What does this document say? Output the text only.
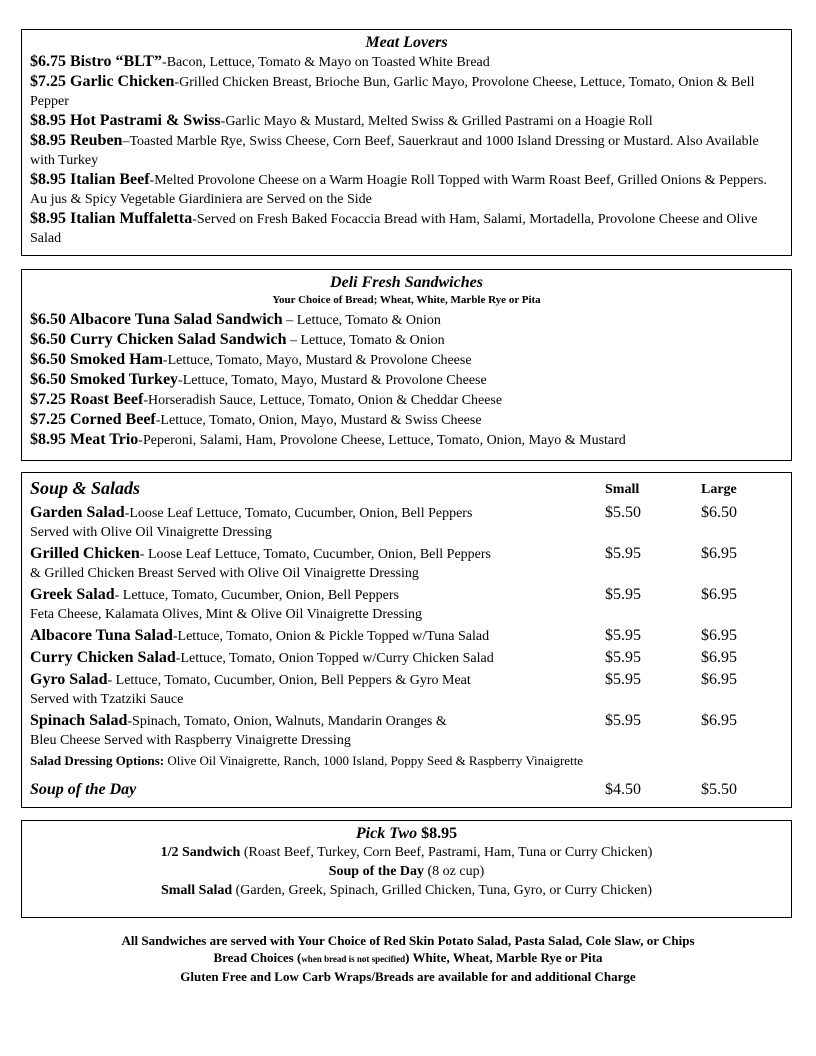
Meat Lovers
$6.75 Bistro “BLT”-Bacon, Lettuce, Tomato & Mayo on Toasted White Bread
$7.25 Garlic Chicken-Grilled Chicken Breast, Brioche Bun, Garlic Mayo, Provolone Cheese, Lettuce, Tomato, Onion & Bell Pepper
$8.95 Hot Pastrami & Swiss-Garlic Mayo & Mustard, Melted Swiss & Grilled Pastrami on a Hoagie Roll
$8.95 Reuben–Toasted Marble Rye, Swiss Cheese, Corn Beef, Sauerkraut and 1000 Island Dressing or Mustard. Also Available with Turkey
$8.95 Italian Beef-Melted Provolone Cheese on a Warm Hoagie Roll Topped with Warm Roast Beef, Grilled Onions & Peppers. Au jus & Spicy Vegetable Giardiniera are Served on the Side
$8.95 Italian Muffaletta-Served on Fresh Baked Focaccia Bread with Ham, Salami, Mortadella, Provolone Cheese and Olive Salad
Deli Fresh Sandwiches
Your Choice of Bread; Wheat, White, Marble Rye or Pita
$6.50 Albacore Tuna Salad Sandwich – Lettuce, Tomato & Onion
$6.50 Curry Chicken Salad Sandwich – Lettuce, Tomato & Onion
$6.50 Smoked Ham-Lettuce, Tomato, Mayo, Mustard & Provolone Cheese
$6.50 Smoked Turkey-Lettuce, Tomato, Mayo, Mustard & Provolone Cheese
$7.25 Roast Beef-Horseradish Sauce, Lettuce, Tomato, Onion & Cheddar Cheese
$7.25 Corned Beef-Lettuce, Tomato, Onion, Mayo, Mustard & Swiss Cheese
$8.95 Meat Trio-Peperoni, Salami, Ham, Provolone Cheese, Lettuce, Tomato, Onion, Mayo & Mustard
Soup & Salads	Small	Large
Garden Salad-Loose Leaf Lettuce, Tomato, Cucumber, Onion, Bell Peppers
Served with Olive Oil Vinaigrette Dressing
$5.50	$6.50
Grilled Chicken- Loose Leaf Lettuce, Tomato, Cucumber, Onion, Bell Peppers
& Grilled Chicken Breast Served with Olive Oil Vinaigrette Dressing
$5.95	$6.95
Greek Salad- Lettuce, Tomato, Cucumber, Onion, Bell Peppers
Feta Cheese, Kalamata Olives, Mint & Olive Oil Vinaigrette Dressing
$5.95	$6.95
Albacore Tuna Salad-Lettuce, Tomato, Onion & Pickle Topped w/Tuna Salad	$5.95	$6.95
Curry Chicken Salad-Lettuce, Tomato, Onion Topped w/Curry Chicken Salad	$5.95	$6.95
Gyro Salad- Lettuce, Tomato, Cucumber, Onion, Bell Peppers & Gyro Meat
Served with Tzatziki Sauce
$5.95	$6.95
Spinach Salad-Spinach, Tomato, Onion, Walnuts, Mandarin Oranges &
Bleu Cheese Served with Raspberry Vinaigrette Dressing
$5.95	$6.95
Salad Dressing Options: Olive Oil Vinaigrette, Ranch, 1000 Island, Poppy Seed & Raspberry Vinaigrette
Soup of the Day	$4.50	$5.50
Pick Two $8.95
1/2 Sandwich (Roast Beef, Turkey, Corn Beef, Pastrami, Ham, Tuna or Curry Chicken)
Soup of the Day (8 oz cup)
Small Salad (Garden, Greek, Spinach, Grilled Chicken, Tuna, Gyro, or Curry Chicken)
All Sandwiches are served with Your Choice of Red Skin Potato Salad, Pasta Salad, Cole Slaw, or Chips
Bread Choices (when bread is not specified) White, Wheat, Marble Rye or Pita
Gluten Free and Low Carb Wraps/Breads are available for and additional Charge
